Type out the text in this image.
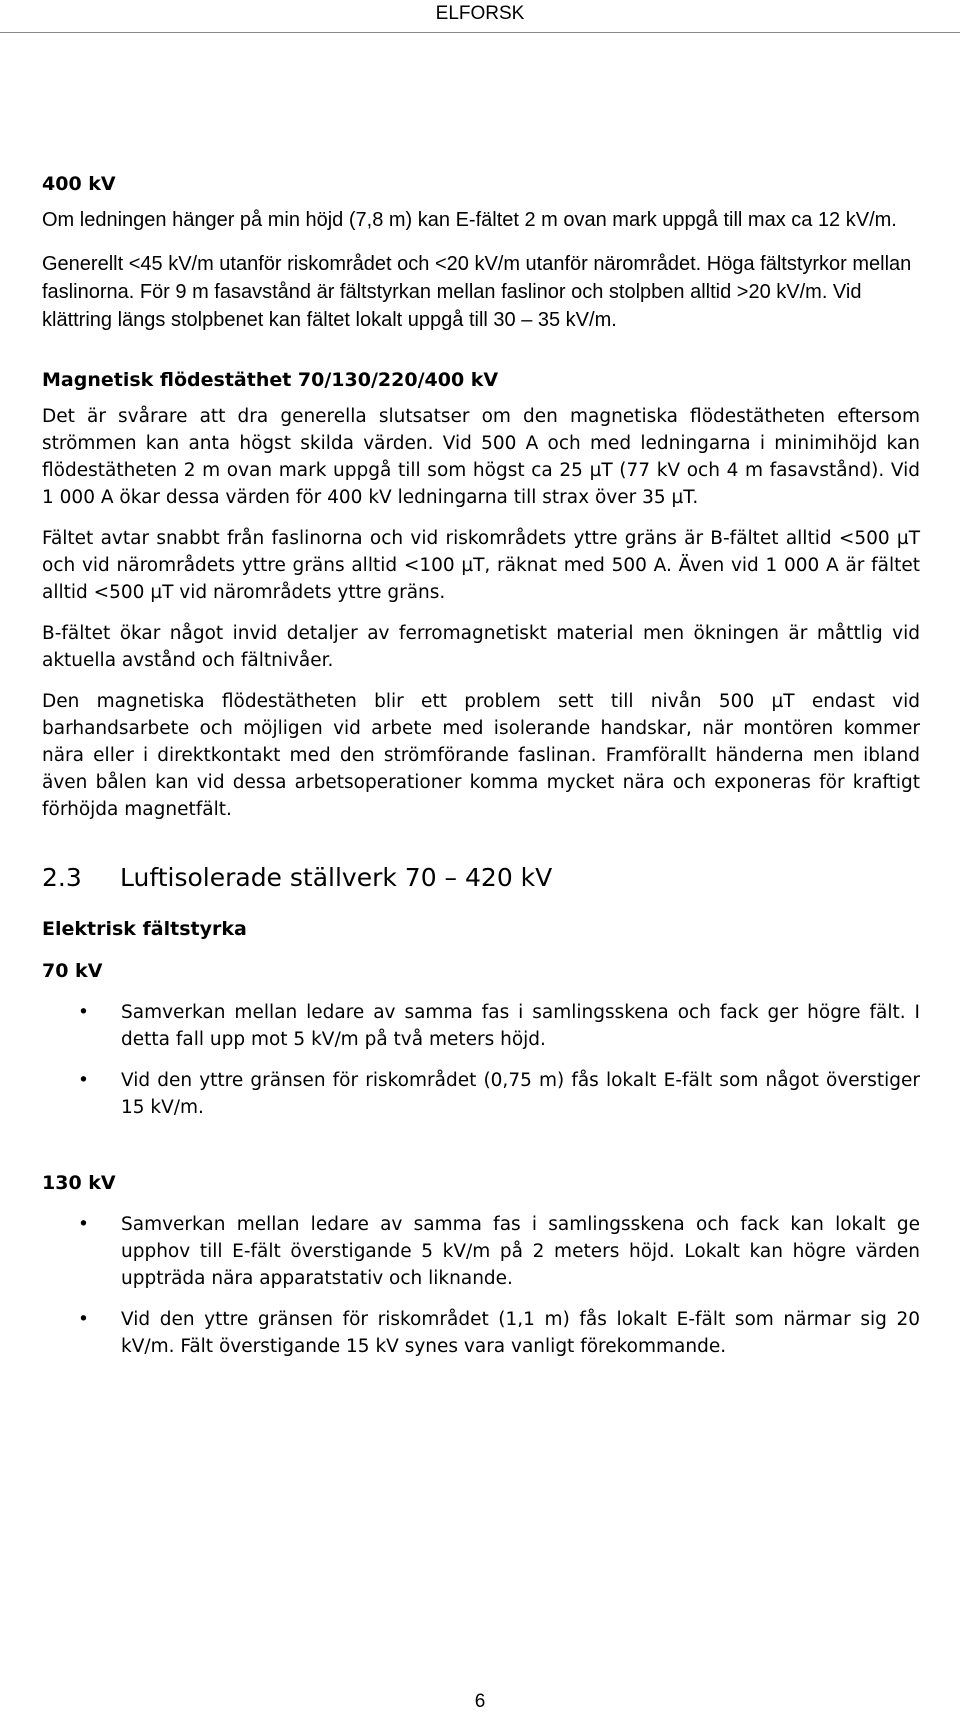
ELFORSK
400 kV

Om ledningen hänger på min höjd (7,8 m) kan E-fältet 2 m ovan mark uppgå till max ca 12 kV/m.

Generellt <45 kV/m utanför riskområdet och <20 kV/m utanför närområdet. Höga fältstyrkor mellan faslinorna. För 9 m fasavstånd är fältstyrkan mellan faslinor och stolpben alltid >20 kV/m. Vid klättring längs stolpbenet kan fältet lokalt uppgå till 30 – 35 kV/m.

Magnetisk flödestäthet 70/130/220/400 kV

Det är svårare att dra generella slutsatser om den magnetiska flödestätheten eftersom strömmen kan anta högst skilda värden. Vid 500 A och med ledningarna i minimihöjd kan flödestätheten 2 m ovan mark uppgå till som högst ca 25 µT (77 kV och 4 m fasavstånd). Vid 1 000 A ökar dessa värden för 400 kV ledningarna till strax över 35 µT.

Fältet avtar snabbt från faslinorna och vid riskområdets yttre gräns är B-fältet alltid <500 µT och vid närområdets yttre gräns alltid <100 µT, räknat med 500 A. Även vid 1 000 A är fältet alltid <500 µT vid närområdets yttre gräns.

B-fältet ökar något invid detaljer av ferromagnetiskt material men ökningen är måttlig vid aktuella avstånd och fältnivåer.

Den magnetiska flödestätheten blir ett problem sett till nivån 500 µT endast vid barhandsarbete och möjligen vid arbete med isolerande handskar, när montören kommer nära eller i direktkontakt med den strömförande faslinan. Framförallt händerna men ibland även bålen kan vid dessa arbetsoperationer komma mycket nära och exponeras för kraftigt förhöjda magnetfält.

2.3 Luftisolerade ställverk 70 – 420 kV
Elektrisk fältstyrka
70 kV
• Samverkan mellan ledare av samma fas i samlingsskena och fack ger högre fält. I detta fall upp mot 5 kV/m på två meters höjd.
• Vid den yttre gränsen för riskområdet (0,75 m) fås lokalt E-fält som något överstiger 15 kV/m.
130 kV
• Samverkan mellan ledare av samma fas i samlingsskena och fack kan lokalt ge upphov till E-fält överstigande 5 kV/m på 2 meters höjd. Lokalt kan högre värden uppträda nära apparatstativ och liknande.
• Vid den yttre gränsen för riskområdet (1,1 m) fås lokalt E-fält som närmar sig 20 kV/m. Fält överstigande 15 kV synes vara vanligt förekommande.
6
